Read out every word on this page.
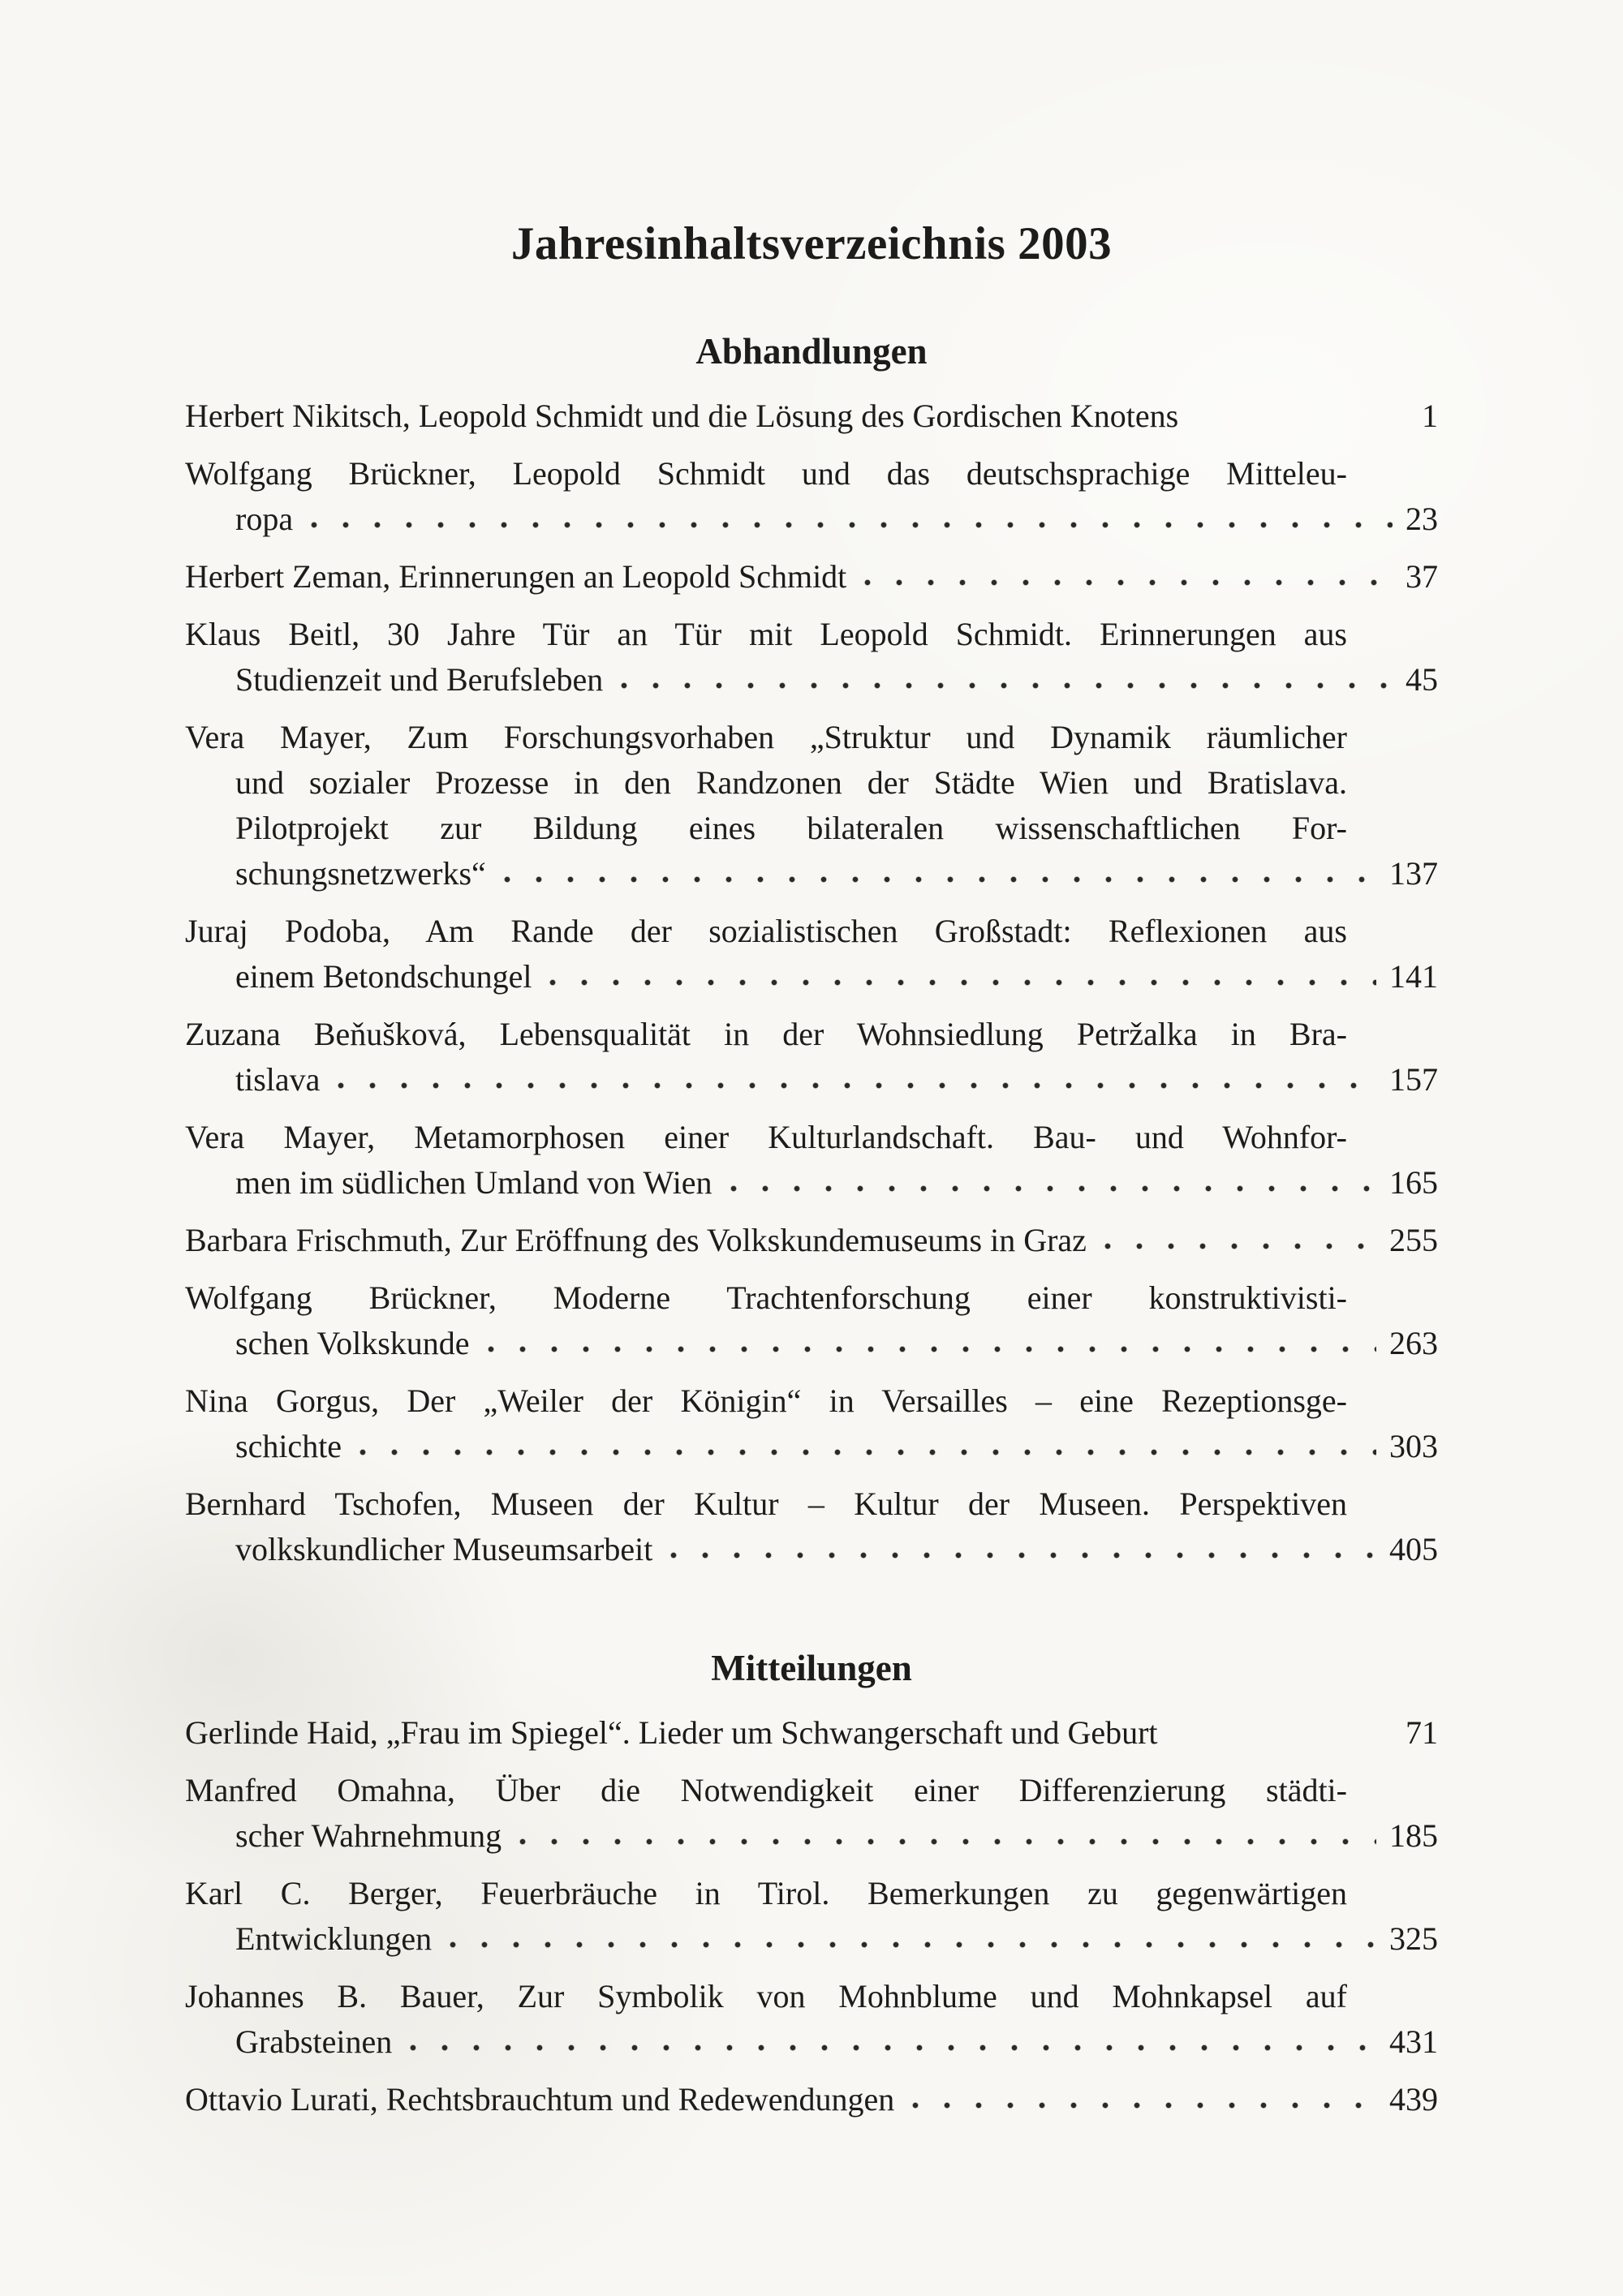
Jahresinhaltsverzeichnis 2003
Abhandlungen
Herbert Nikitsch, Leopold Schmidt und die Lösung des Gordischen Knotens	1
Wolfgang Brückner, Leopold Schmidt und das deutschsprachige Mitteleu-
ropa	23
Herbert Zeman, Erinnerungen an Leopold Schmidt	37
Klaus Beitl, 30 Jahre Tür an Tür mit Leopold Schmidt. Erinnerungen aus
Studienzeit und Berufsleben	45
Vera Mayer, Zum Forschungsvorhaben „Struktur und Dynamik räumlicher
und sozialer Prozesse in den Randzonen der Städte Wien und Bratislava.
Pilotprojekt zur Bildung eines bilateralen wissenschaftlichen For-
schungsnetzwerks“	137
Juraj Podoba, Am Rande der sozialistischen Großstadt: Reflexionen aus
einem Betondschungel	141
Zuzana Beňušková, Lebensqualität in der Wohnsiedlung Petržalka in Bra-
tislava	157
Vera Mayer, Metamorphosen einer Kulturlandschaft. Bau- und Wohnfor-
men im südlichen Umland von Wien	165
Barbara Frischmuth, Zur Eröffnung des Volkskundemuseums in Graz	255
Wolfgang Brückner, Moderne Trachtenforschung einer konstruktivisti-
schen Volkskunde	263
Nina Gorgus, Der „Weiler der Königin“ in Versailles – eine Rezeptionsge-
schichte	303
Bernhard Tschofen, Museen der Kultur – Kultur der Museen. Perspektiven
volkskundlicher Museumsarbeit	405
Mitteilungen
Gerlinde Haid, „Frau im Spiegel“. Lieder um Schwangerschaft und Geburt	71
Manfred Omahna, Über die Notwendigkeit einer Differenzierung städti-
scher Wahrnehmung	185
Karl C. Berger, Feuerbräuche in Tirol. Bemerkungen zu gegenwärtigen
Entwicklungen	325
Johannes B. Bauer, Zur Symbolik von Mohnblume und Mohnkapsel auf
Grabsteinen	431
Ottavio Lurati, Rechtsbrauchtum und Redewendungen	439
